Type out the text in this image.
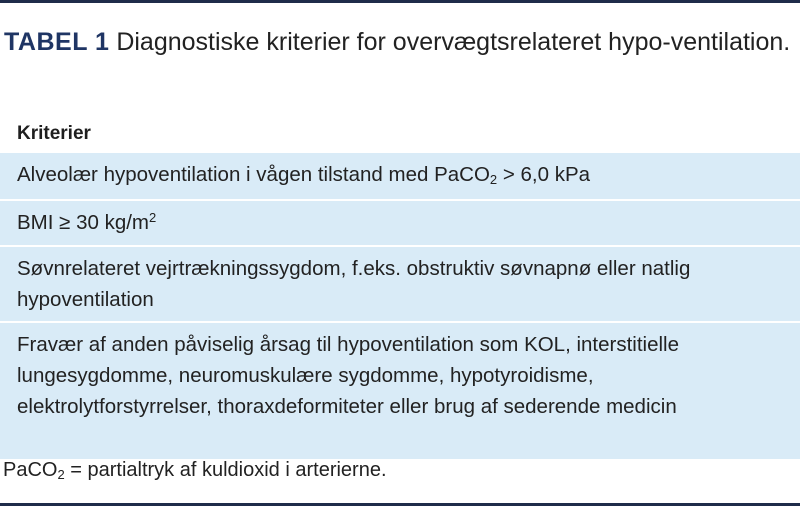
TABEL 1 Diagnostiske kriterier for overvægtsrelateret hypo-ventilation.
Kriterier
Alveolær hypoventilation i vågen tilstand med PaCO$_2$ > 6,0 kPa
BMI ≥ 30 $kg/m^2$
Søvnrelateret vejrtrækningssygdom, f.eks. obstruktiv søvnapnø eller natlig hypoventilation
Fravær af anden påviselig årsag til hypoventilation som KOL, interstitielle lungesygdomme, neuromuskulære sygdomme, hypotyroidisme, elektrolytforstyrrelser, thoraxdeformiteter eller brug af sederende medicin
PaCO$_2$ = partialtryk af kuldioxid i arterierne.
